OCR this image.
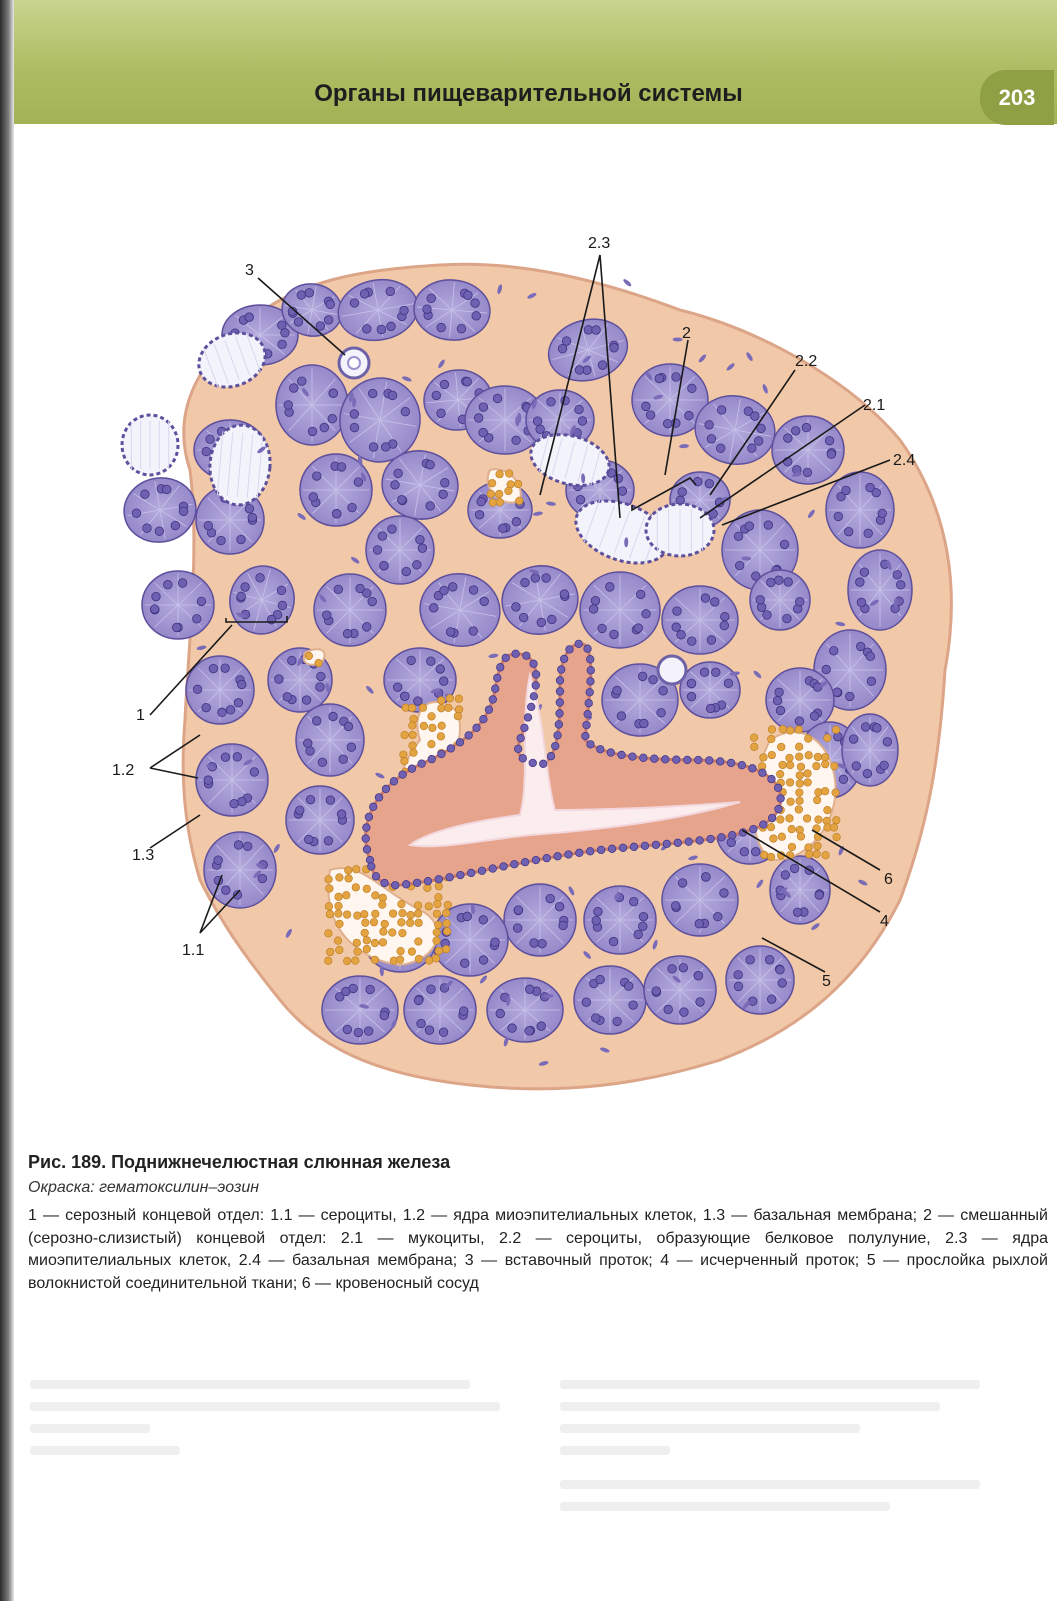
Органы пищеварительной системы	203
3
2.3
2
2.2
2.1
2.4
1
1.2
1.3
1.1
6
4
5

Рис. 189. Поднижнечелюстная слюнная железа

Окраска: гематоксилин–эозин

1 — серозный концевой отдел: 1.1 — сероциты, 1.2 — ядра миоэпителиальных клеток, 1.3 — базальная мембрана; 2 — смешанный (серозно-слизистый) концевой отдел: 2.1 — мукоциты, 2.2 — сероциты, образующие белковое полулуние, 2.3 — ядра миоэпителиальных клеток, 2.4 — базальная мембрана; 3 — вставочный проток; 4 — исчерченный проток; 5 — прослойка рыхлой волокнистой соединительной ткани; 6 — кровеносный сосуд
